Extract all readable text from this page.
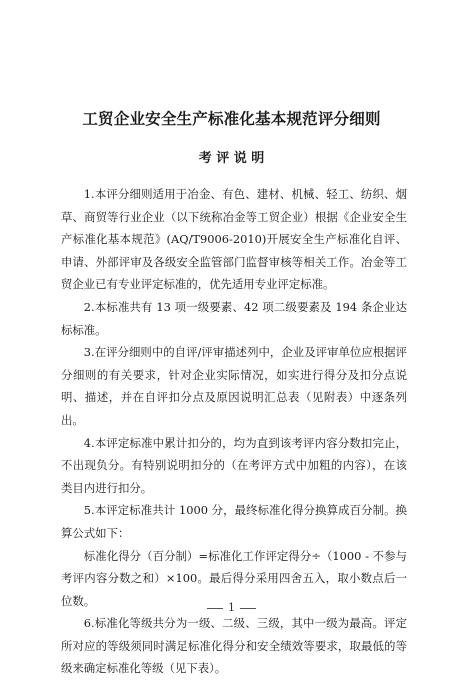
工贸企业安全生产标准化基本规范评分细则
考 评 说 明

1.本评分细则适用于冶金、有色、建材、机械、轻工、纺织、烟草、商贸等行业企业（以下统称冶金等工贸企业）根据《企业安全生产标准化基本规范》(AQ/T9006-2010)开展安全生产标准化自评、申请、外部评审及各级安全监管部门监督审核等相关工作。冶金等工贸企业已有专业评定标准的，优先适用专业评定标准。

2.本标准共有 13 项一级要素、42 项二级要素及 194 条企业达标标准。

3.在评分细则中的自评/评审描述列中，企业及评审单位应根据评分细则的有关要求，针对企业实际情况，如实进行得分及扣分点说明、描述，并在自评扣分点及原因说明汇总表（见附表）中逐条列出。

4.本评定标准中累计扣分的，均为直到该考评内容分数扣完止，不出现负分。有特别说明扣分的（在考评方式中加粗的内容），在该类目内进行扣分。

5.本评定标准共计 1000 分，最终标准化得分换算成百分制。换算公式如下：

标准化得分（百分制）=标准化工作评定得分÷（1000 - 不参与考评内容分数之和）×100。最后得分采用四舍五入，取小数点后一位数。

6.标准化等级共分为一级、二级、三级，其中一级为最高。评定所对应的等级须同时满足标准化得分和安全绩效等要求，取最低的等级来确定标准化等级（见下表）。

1
